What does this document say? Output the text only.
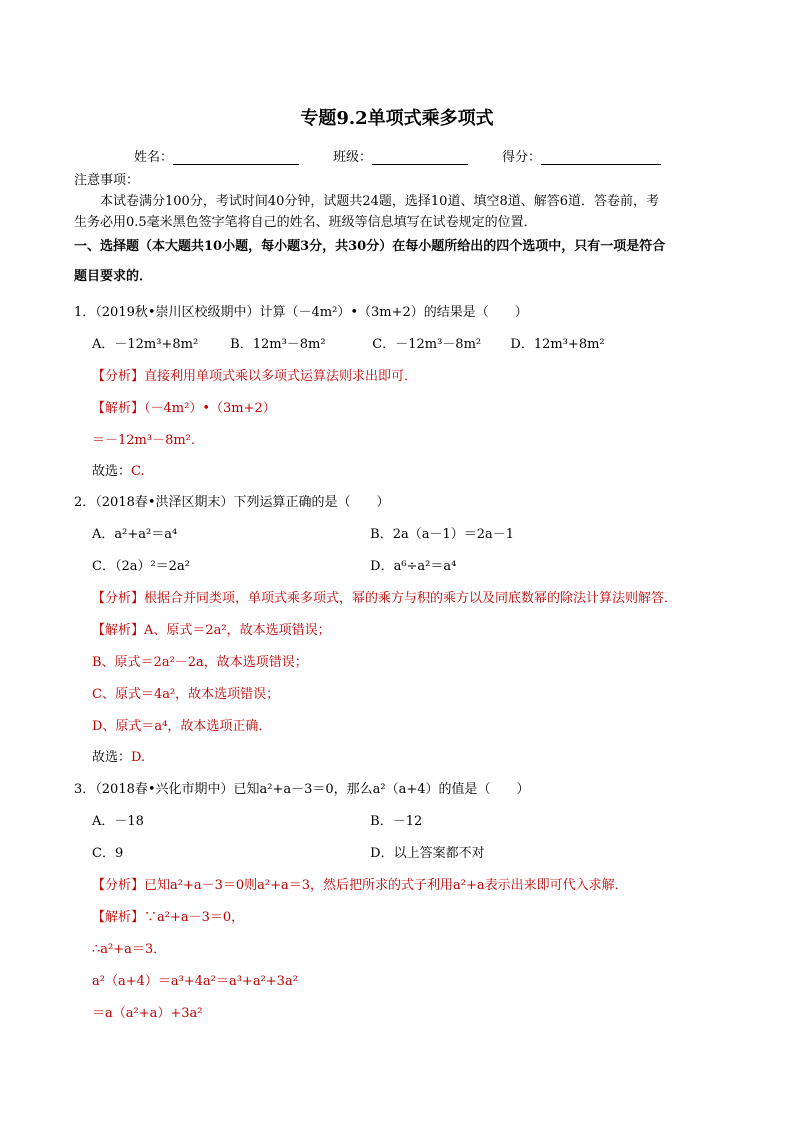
专题9.2单项式乘多项式
姓名：	班级：	得分：
注意事项：
本试卷满分100分，考试时间40分钟，试题共24题，选择10道、填空8道、解答6道．答卷前，考
生务必用0.5毫米黑色签字笔将自己的姓名、班级等信息填写在试卷规定的位置．
一、选择题（本大题共10小题，每小题3分，共30分）在每小题所给出的四个选项中，只有一项是符合
题目要求的．
1．（2019秋•崇川区校级期中）计算（－4m²）•（3m+2）的结果是（　　）
A．－12m³+8m² B．12m³－8m²	C．－12m³－8m² D．12m³+8m²
【分析】直接利用单项式乘以多项式运算法则求出即可．
【解析】（－4m²）•（3m+2）
＝－12m³－8m².
故选：C.
2．（2018春•洪泽区期末）下列运算正确的是（　　）
A．a²+a²＝a⁴	B．2a（a－1）＝2a－1
C．（2a）²＝2a²	D．a⁶÷a²＝a⁴
【分析】根据合并同类项，单项式乘多项式，幂的乘方与积的乘方以及同底数幂的除法计算法则解答．
【解析】A、原式＝2a²，故本选项错误；
B、原式＝2a²－2a，故本选项错误；
C、原式＝4a²，故本选项错误；
D、原式＝a⁴，故本选项正确．
故选：D.
3．（2018春•兴化市期中）已知a²+a－3＝0，那么a²（a+4）的值是（　　）
A．－18	B．－12
C．9	D．以上答案都不对
【分析】已知a²+a－3＝0则a²+a＝3，然后把所求的式子利用a²+a表示出来即可代入求解．
【解析】∵a²+a－3＝0，
∴a²+a＝3．
a²（a+4）＝a³+4a²＝a³+a²+3a²
＝a（a²+a）+3a²
